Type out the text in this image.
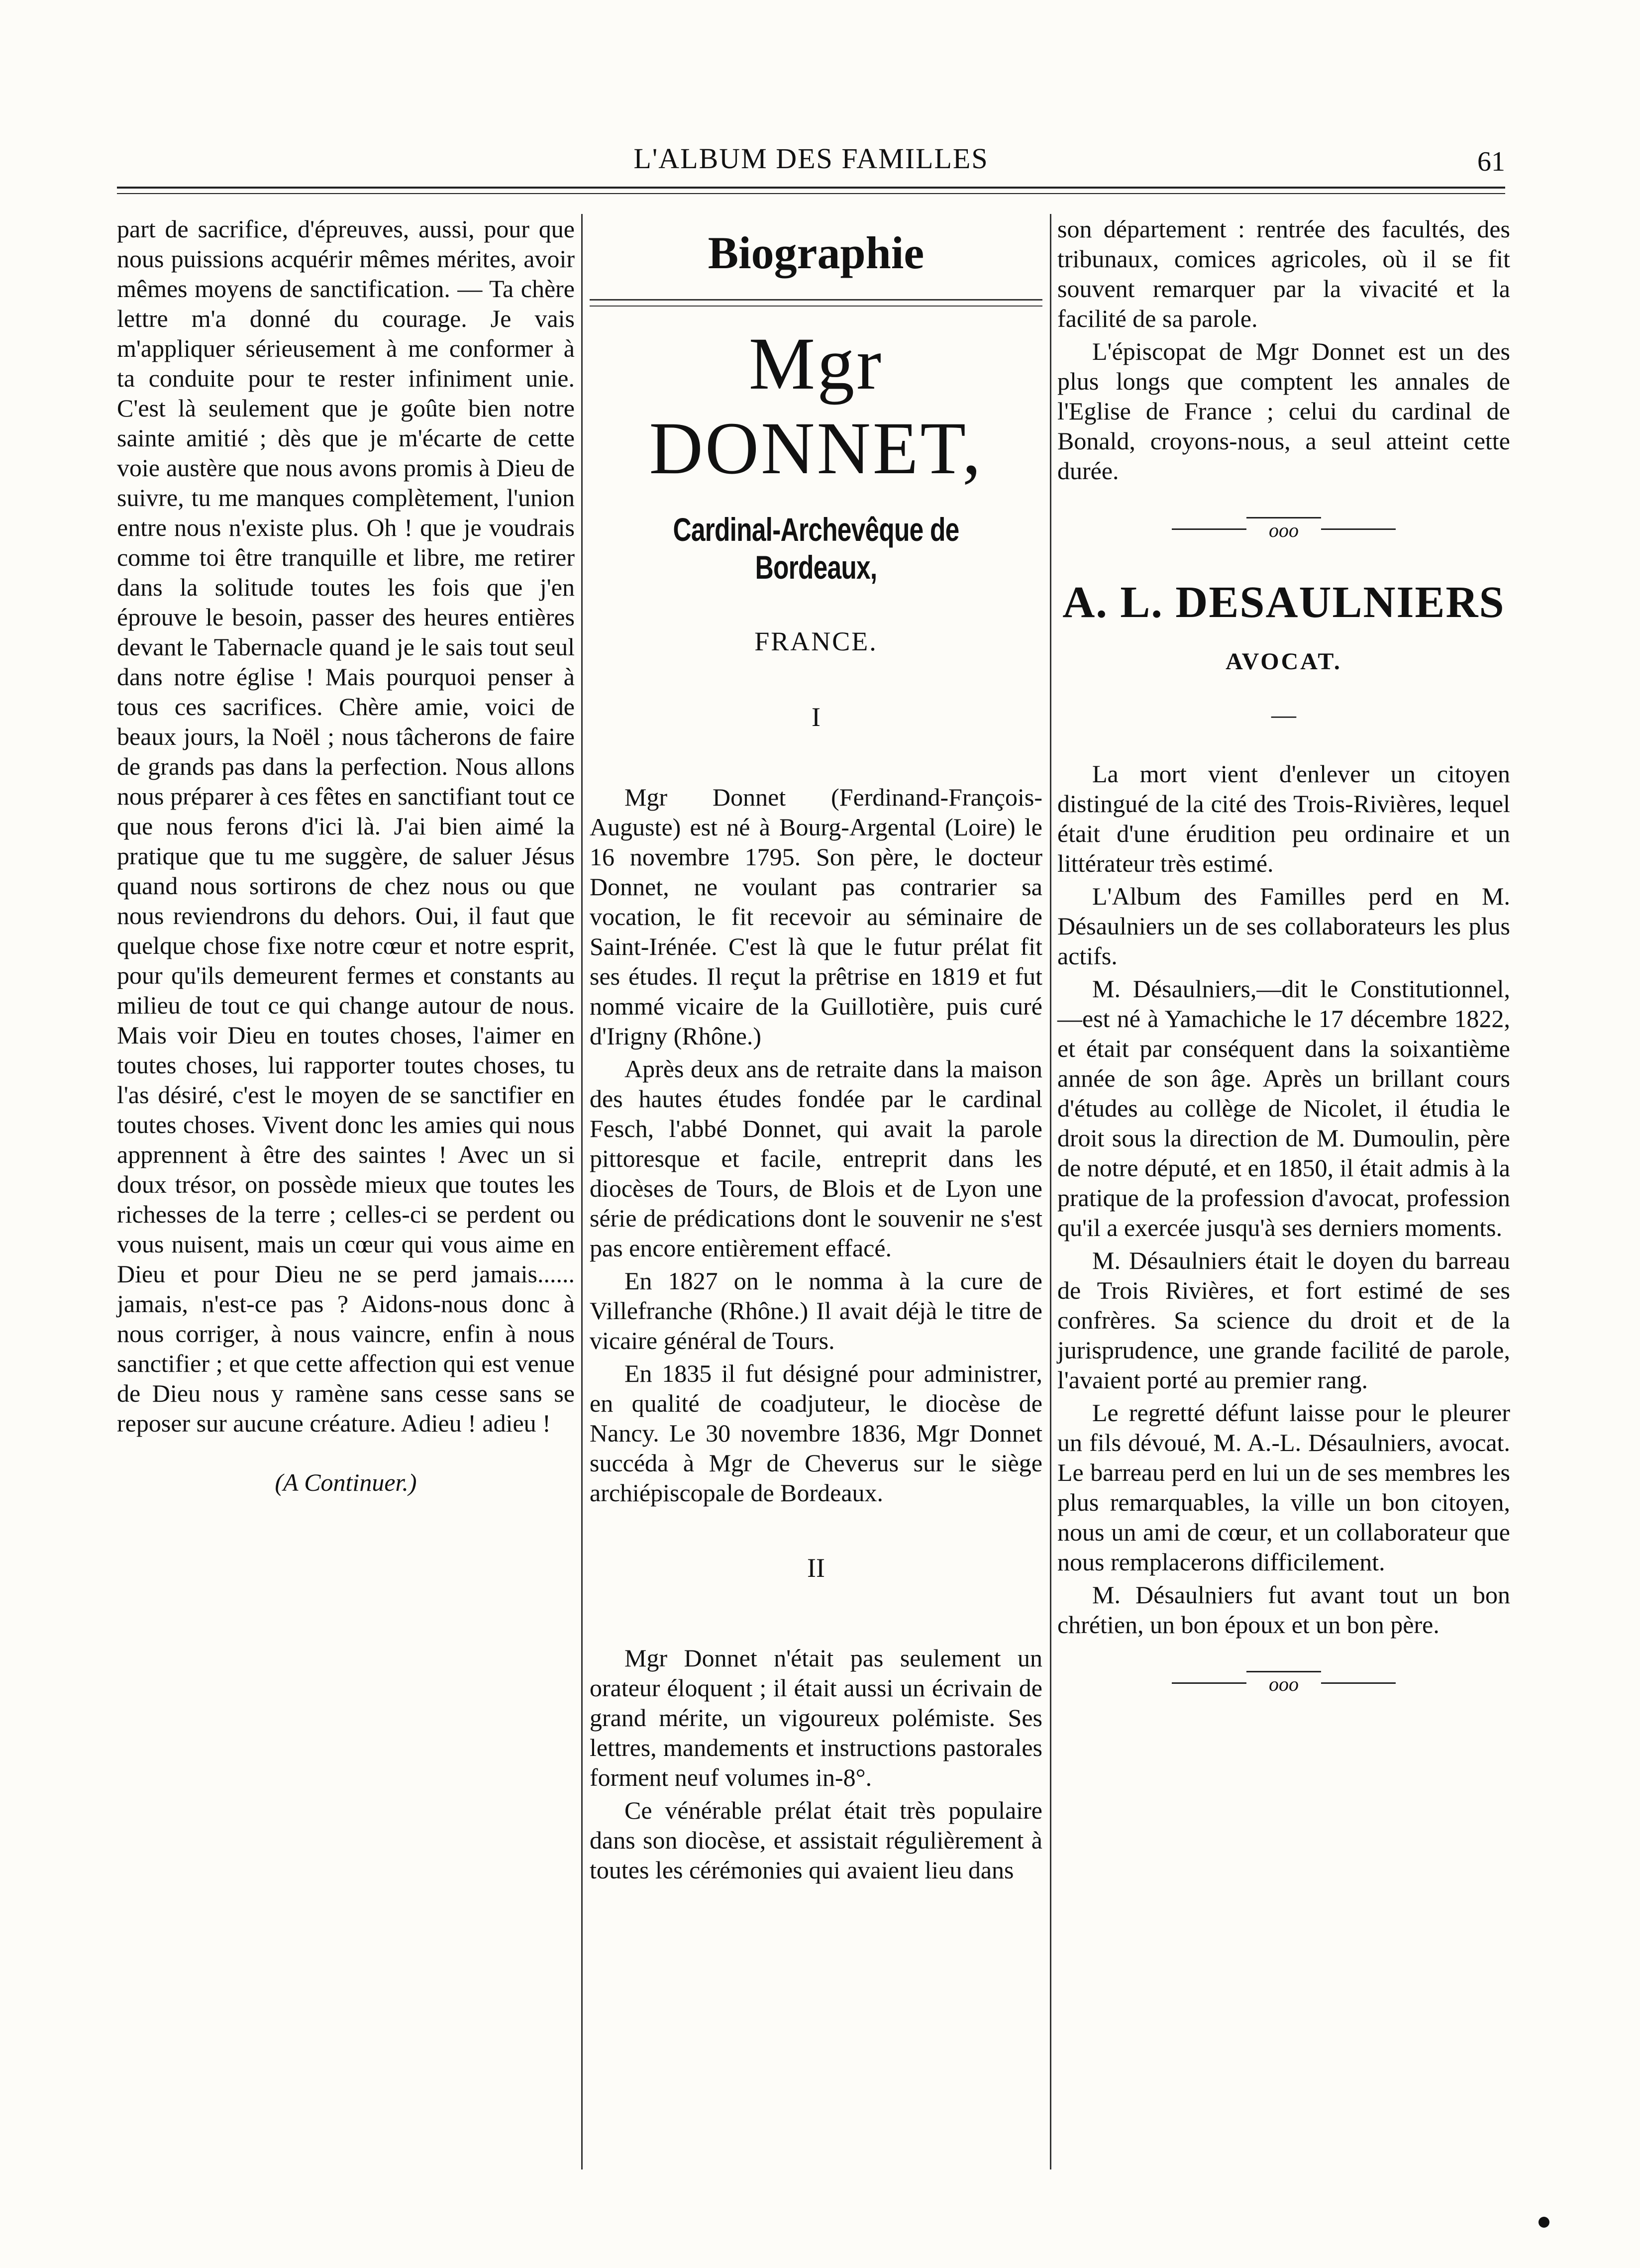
L'ALBUM DES FAMILLES	61

part de sacrifice, d'épreuves, aussi, pour que nous puissions acquérir mêmes mérites, avoir mêmes moyens de sanctification. — Ta chère lettre m'a donné du courage. Je vais m'appliquer sérieusement à me conformer à ta conduite pour te rester infiniment unie. C'est là seulement que je goûte bien notre sainte amitié ; dès que je m'écarte de cette voie austère que nous avons promis à Dieu de suivre, tu me manques complètement, l'union entre nous n'existe plus. Oh ! que je voudrais comme toi être tranquille et libre, me retirer dans la solitude toutes les fois que j'en éprouve le besoin, passer des heures entières devant le Tabernacle quand je le sais tout seul dans notre église ! Mais pourquoi penser à tous ces sacrifices. Chère amie, voici de beaux jours, la Noël ; nous tâcherons de faire de grands pas dans la perfection. Nous allons nous préparer à ces fêtes en sanctifiant tout ce que nous ferons d'ici là. J'ai bien aimé la pratique que tu me suggère, de saluer Jésus quand nous sortirons de chez nous ou que nous reviendrons du dehors. Oui, il faut que quelque chose fixe notre cœur et notre esprit, pour qu'ils demeurent fermes et constants au milieu de tout ce qui change autour de nous. Mais voir Dieu en toutes choses, l'aimer en toutes choses, lui rapporter toutes choses, tu l'as désiré, c'est le moyen de se sanctifier en toutes choses. Vivent donc les amies qui nous apprennent à être des saintes ! Avec un si doux trésor, on possède mieux que toutes les richesses de la terre ; celles-ci se perdent ou vous nuisent, mais un cœur qui vous aime en Dieu et pour Dieu ne se perd jamais...... jamais, n'est-ce pas ? Aidons-nous donc à nous corriger, à nous vaincre, enfin à nous sanctifier ; et que cette affection qui est venue de Dieu nous y ramène sans cesse sans se reposer sur aucune créature. Adieu ! adieu !

(A Continuer.)
Biographie
Mgr DONNET,
Cardinal-Archevêque de Bordeaux,
FRANCE.
I

Mgr Donnet (Ferdinand-François-Auguste) est né à Bourg-Argental (Loire) le 16 novembre 1795. Son père, le docteur Donnet, ne voulant pas contrarier sa vocation, le fit recevoir au séminaire de Saint-Irénée. C'est là que le futur prélat fit ses études. Il reçut la prêtrise en 1819 et fut nommé vicaire de la Guillotière, puis curé d'Irigny (Rhône.)

Après deux ans de retraite dans la maison des hautes études fondée par le cardinal Fesch, l'abbé Donnet, qui avait la parole pittoresque et facile, entreprit dans les diocèses de Tours, de Blois et de Lyon une série de prédications dont le souvenir ne s'est pas encore entièrement effacé.

En 1827 on le nomma à la cure de Villefranche (Rhône.) Il avait déjà le titre de vicaire général de Tours.

En 1835 il fut désigné pour administrer, en qualité de coadjuteur, le diocèse de Nancy. Le 30 novembre 1836, Mgr Donnet succéda à Mgr de Cheverus sur le siège archiépiscopale de Bordeaux.

II

Mgr Donnet n'était pas seulement un orateur éloquent ; il était aussi un écrivain de grand mérite, un vigoureux polémiste. Ses lettres, mandements et instructions pastorales forment neuf volumes in-8°.

Ce vénérable prélat était très populaire dans son diocèse, et assistait régulièrement à toutes les cérémonies qui avaient lieu dans

son département : rentrée des facultés, des tribunaux, comices agricoles, où il se fit souvent remarquer par la vivacité et la facilité de sa parole.

L'épiscopat de Mgr Donnet est un des plus longs que comptent les annales de l'Eglise de France ; celui du cardinal de Bonald, croyons-nous, a seul atteint cette durée.

ooo
A. L. DESAULNIERS
AVOCAT.
—

La mort vient d'enlever un citoyen distingué de la cité des Trois-Rivières, lequel était d'une érudition peu ordinaire et un littérateur très estimé.

L'Album des Familles perd en M. Désaulniers un de ses collaborateurs les plus actifs.

M. Désaulniers,—dit le Constitutionnel,—est né à Yamachiche le 17 décembre 1822, et était par conséquent dans la soixantième année de son âge. Après un brillant cours d'études au collège de Nicolet, il étudia le droit sous la direction de M. Dumoulin, père de notre député, et en 1850, il était admis à la pratique de la profession d'avocat, profession qu'il a exercée jusqu'à ses derniers moments.

M. Désaulniers était le doyen du barreau de Trois Rivières, et fort estimé de ses confrères. Sa science du droit et de la jurisprudence, une grande facilité de parole, l'avaient porté au premier rang.

Le regretté défunt laisse pour le pleurer un fils dévoué, M. A.-L. Désaulniers, avocat. Le barreau perd en lui un de ses membres les plus remarquables, la ville un bon citoyen, nous un ami de cœur, et un collaborateur que nous remplacerons difficilement.

M. Désaulniers fut avant tout un bon chrétien, un bon époux et un bon père.

ooo
